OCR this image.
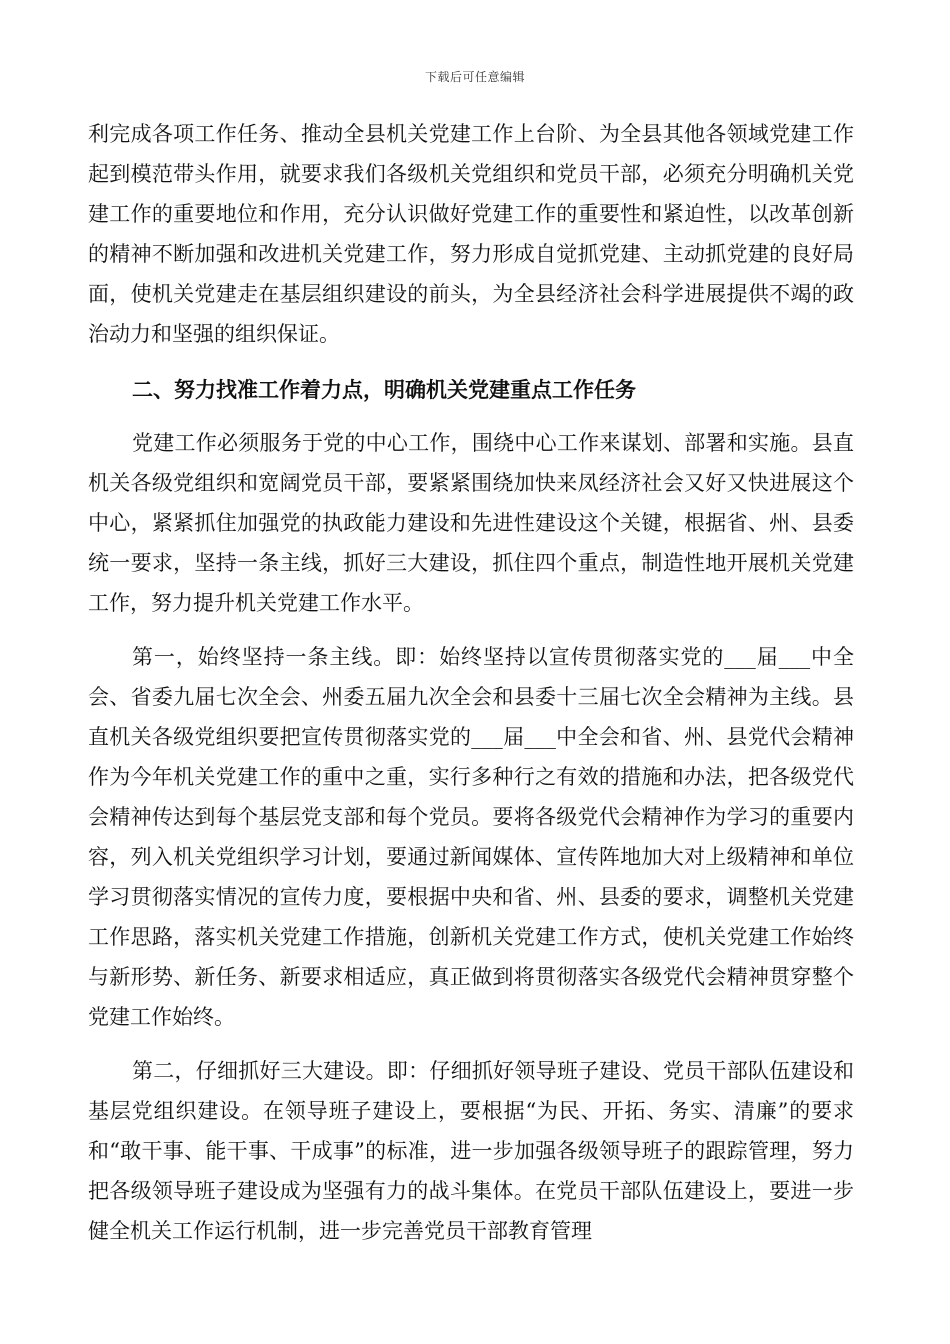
下载后可任意编辑

利完成各项工作任务、推动全县机关党建工作上台阶、为全县其他各领域党建工作起到模范带头作用，就要求我们各级机关党组织和党员干部，必须充分明确机关党建工作的重要地位和作用，充分认识做好党建工作的重要性和紧迫性，以改革创新的精神不断加强和改进机关党建工作，努力形成自觉抓党建、主动抓党建的良好局面，使机关党建走在基层组织建设的前头，为全县经济社会科学进展提供不竭的政治动力和坚强的组织保证。

二、努力找准工作着力点，明确机关党建重点工作任务

党建工作必须服务于党的中心工作，围绕中心工作来谋划、部署和实施。县直机关各级党组织和宽阔党员干部，要紧紧围绕加快来凤经济社会又好又快进展这个中心，紧紧抓住加强党的执政能力建设和先进性建设这个关键，根据省、州、县委统一要求，坚持一条主线，抓好三大建设，抓住四个重点，制造性地开展机关党建工作，努力提升机关党建工作水平。

第一，始终坚持一条主线。即：始终坚持以宣传贯彻落实党的___届___中全会、省委九届七次全会、州委五届九次全会和县委十三届七次全会精神为主线。县直机关各级党组织要把宣传贯彻落实党的___届___中全会和省、州、县党代会精神作为今年机关党建工作的重中之重，实行多种行之有效的措施和办法，把各级党代会精神传达到每个基层党支部和每个党员。要将各级党代会精神作为学习的重要内容，列入机关党组织学习计划，要通过新闻媒体、宣传阵地加大对上级精神和单位学习贯彻落实情况的宣传力度，要根据中央和省、州、县委的要求，调整机关党建工作思路，落实机关党建工作措施，创新机关党建工作方式，使机关党建工作始终与新形势、新任务、新要求相适应，真正做到将贯彻落实各级党代会精神贯穿整个党建工作始终。

第二，仔细抓好三大建设。即：仔细抓好领导班子建设、党员干部队伍建设和基层党组织建设。在领导班子建设上，要根据“为民、开拓、务实、清廉”的要求和“敢干事、能干事、干成事”的标准，进一步加强各级领导班子的跟踪管理，努力把各级领导班子建设成为坚强有力的战斗集体。在党员干部队伍建设上，要进一步健全机关工作运行机制，进一步完善党员干部教育管理
